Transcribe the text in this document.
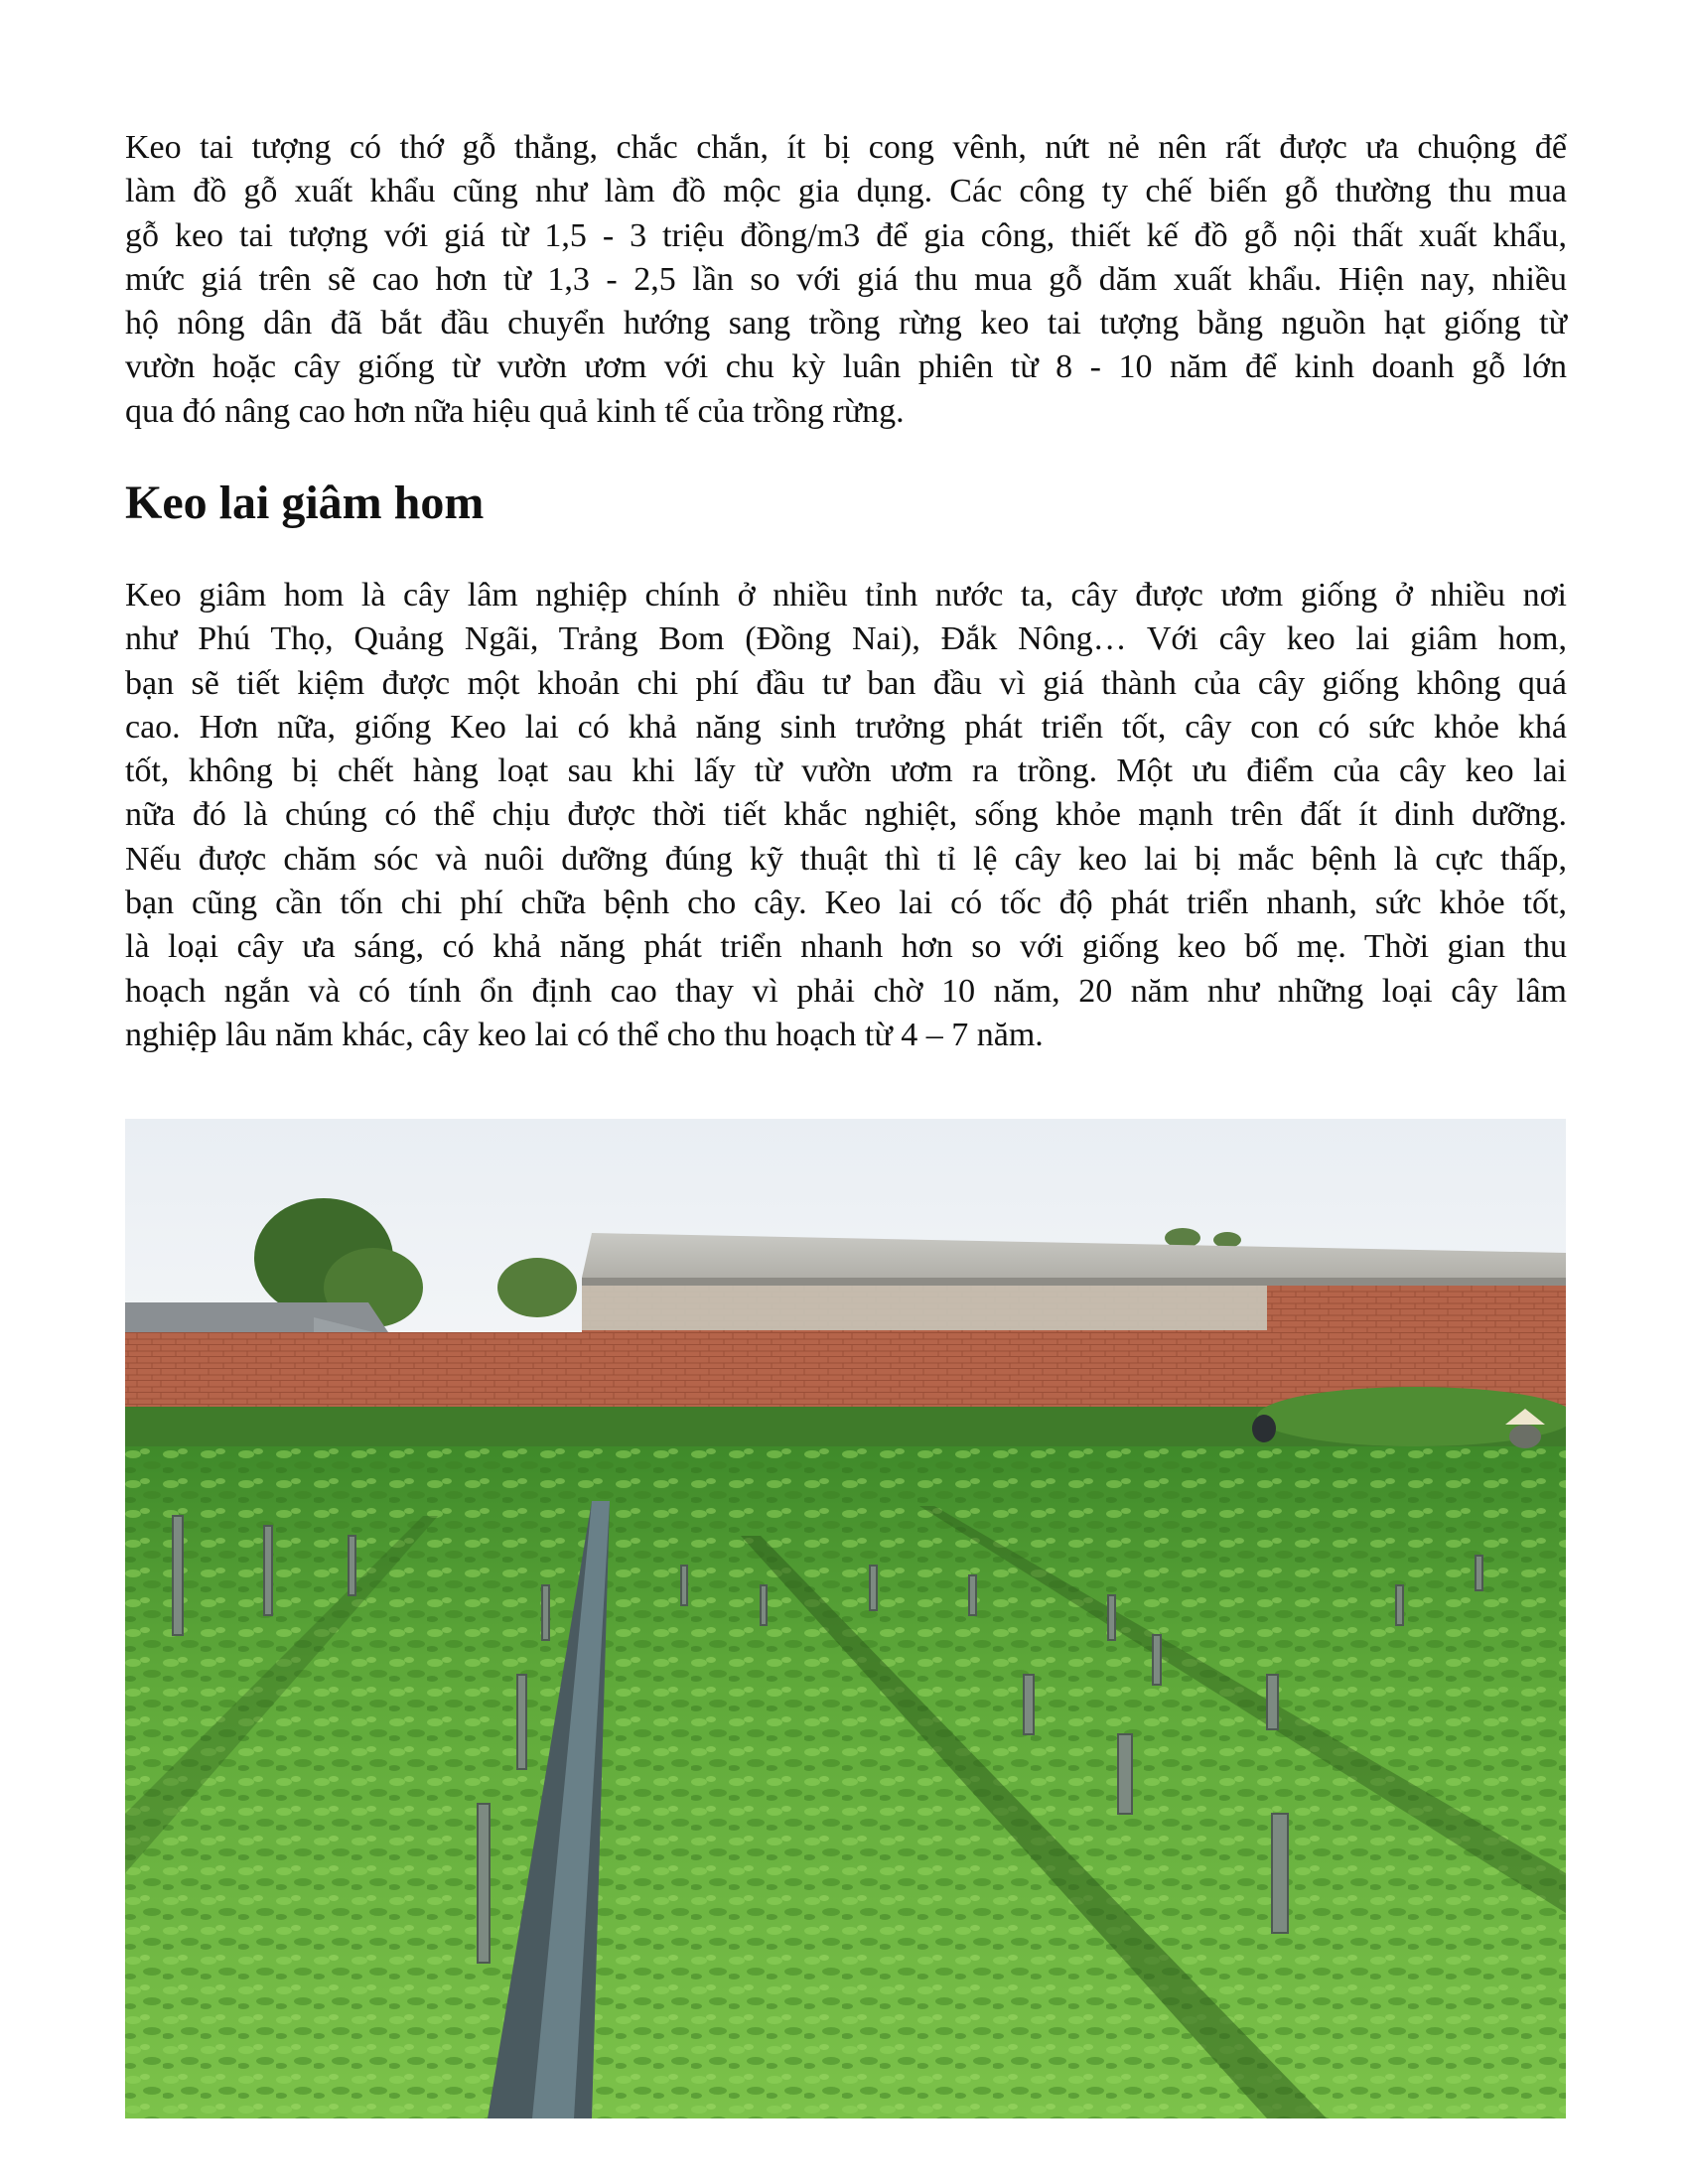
Keo tai tượng có thớ gỗ thẳng, chắc chắn, ít bị cong vênh, nứt nẻ nên rất được ưa chuộng để
làm đồ gỗ xuất khẩu cũng như làm đồ mộc gia dụng. Các công ty chế biến gỗ thường thu mua
gỗ keo tai tượng với giá từ 1,5 - 3 triệu đồng/m3 để gia công, thiết kế đồ gỗ nội thất xuất khẩu,
mức giá trên sẽ cao hơn từ 1,3 - 2,5 lần so với giá thu mua gỗ dăm xuất khẩu. Hiện nay, nhiều
hộ nông dân đã bắt đầu chuyển hướng sang trồng rừng keo tai tượng bằng nguồn hạt giống từ
vườn hoặc cây giống từ vườn ươm với chu kỳ luân phiên từ 8 - 10 năm để kinh doanh gỗ lớn
qua đó nâng cao hơn nữa hiệu quả kinh tế của trồng rừng.
Keo lai giâm hom
Keo giâm hom là cây lâm nghiệp chính ở nhiều tỉnh nước ta, cây được ươm giống ở nhiều nơi
như Phú Thọ, Quảng Ngãi, Trảng Bom (Đồng Nai), Đắk Nông… Với cây keo lai giâm hom,
bạn sẽ tiết kiệm được một khoản chi phí đầu tư ban đầu vì giá thành của cây giống không quá
cao. Hơn nữa, giống Keo lai có khả năng sinh trưởng phát triển tốt, cây con có sức khỏe khá
tốt, không bị chết hàng loạt sau khi lấy từ vườn ươm ra trồng. Một ưu điểm của cây keo lai
nữa đó là chúng có thể chịu được thời tiết khắc nghiệt, sống khỏe mạnh trên đất ít dinh dưỡng.
Nếu được chăm sóc và nuôi dưỡng đúng kỹ thuật thì tỉ lệ cây keo lai bị mắc bệnh là cực thấp,
bạn cũng cần tốn chi phí chữa bệnh cho cây. Keo lai có tốc độ phát triển nhanh, sức khỏe tốt,
là loại cây ưa sáng, có khả năng phát triển nhanh hơn so với giống keo bố mẹ. Thời gian thu
hoạch ngắn và có tính ổn định cao thay vì phải chờ 10 năm, 20 năm như những loại cây lâm
nghiệp lâu năm khác, cây keo lai có thể cho thu hoạch từ 4 – 7 năm.
